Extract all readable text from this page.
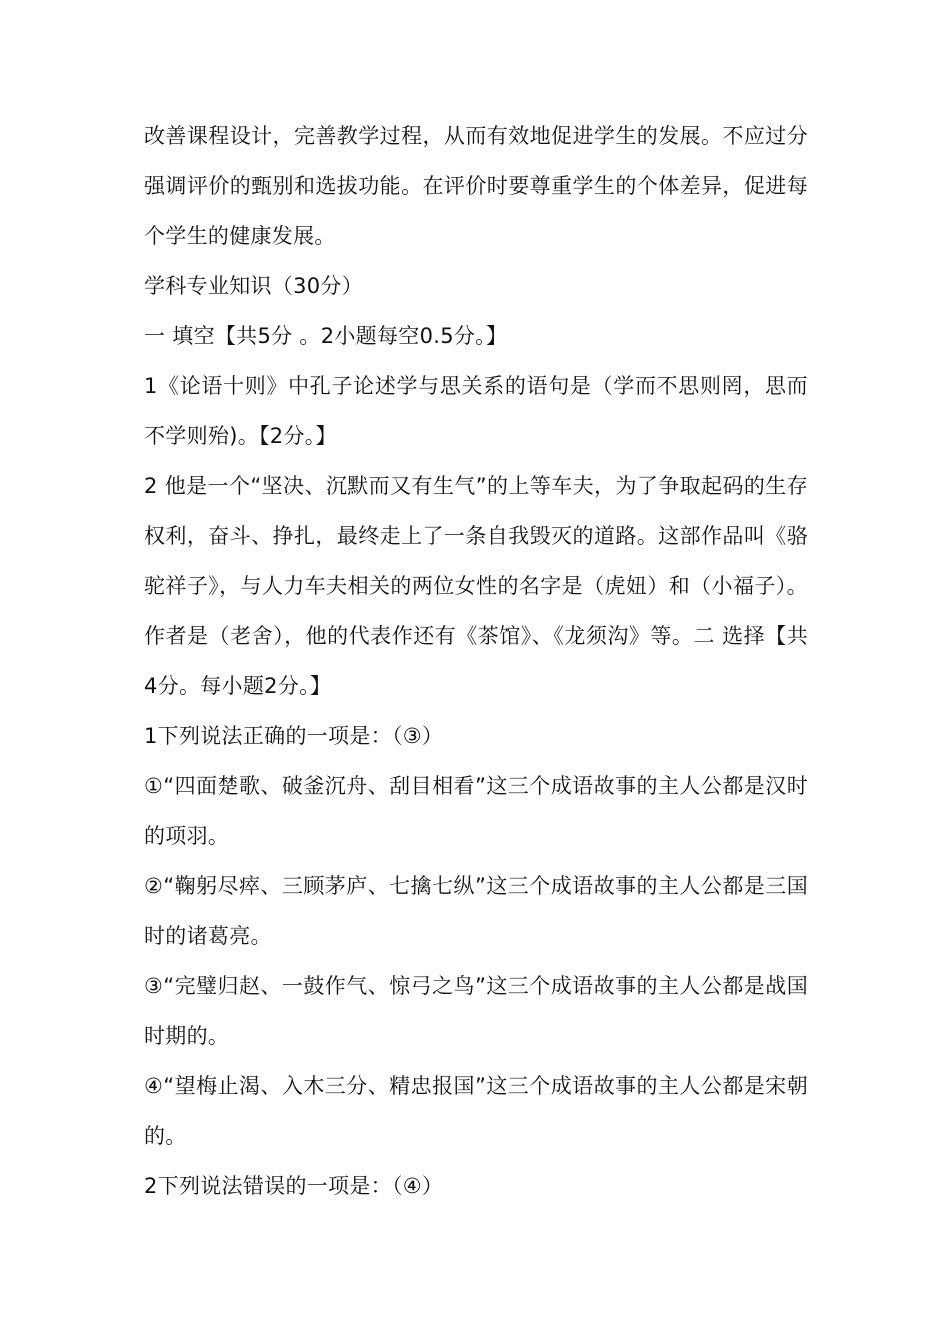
改善课程设计，完善教学过程，从而有效地促进学生的发展。不应过分强调评价的甄别和选拔功能。在评价时要尊重学生的个体差异，促进每个学生的健康发展。

学科专业知识（30分）

一 填空【共5分 。2小题每空0.5分。】

1《论语十则》中孔子论述学与思关系的语句是（学而不思则罔，思而不学则殆)。【2分。】

2 他是一个“坚决、沉默而又有生气”的上等车夫，为了争取起码的生存权利，奋斗、挣扎，最终走上了一条自我毁灭的道路。这部作品叫《骆驼祥子》，与人力车夫相关的两位女性的名字是（虎妞）和（小福子）。作者是（老舍），他的代表作还有《茶馆》、《龙须沟》等。二 选择【共4分。每小题2分。】

1下列说法正确的一项是：（③）

①“四面楚歌、破釜沉舟、刮目相看”这三个成语故事的主人公都是汉时的项羽。

②“鞠躬尽瘁、三顾茅庐、七擒七纵”这三个成语故事的主人公都是三国时的诸葛亮。

③“完璧归赵、一鼓作气、惊弓之鸟”这三个成语故事的主人公都是战国时期的。

④“望梅止渴、入木三分、精忠报国”这三个成语故事的主人公都是宋朝的。

2下列说法错误的一项是：（④）
